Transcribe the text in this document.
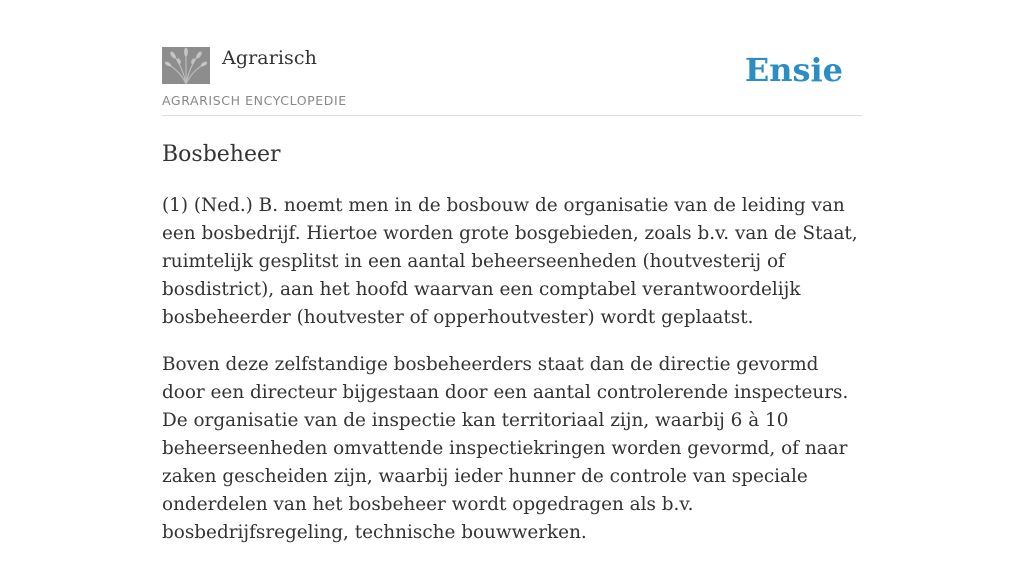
Agrarisch
AGRARISCH ENCYCLOPEDIE
Ensie
Bosbeheer

(1) (Ned.) B. noemt men in de bosbouw de organisatie van de leiding van een bosbedrijf. Hiertoe worden grote bosgebieden, zoals b.v. van de Staat, ruimtelijk gesplitst in een aantal beheerseenheden (houtvesterij of bosdistrict), aan het hoofd waarvan een comptabel verantwoordelijk bosbeheerder (houtvester of opperhoutvester) wordt geplaatst.

Boven deze zelfstandige bosbeheerders staat dan de directie gevormd door een directeur bijgestaan door een aantal controlerende inspecteurs. De organisatie van de inspectie kan territoriaal zijn, waarbij 6 à 10 beheerseenheden omvattende inspectiekringen worden gevormd, of naar zaken gescheiden zijn, waarbij ieder hunner de controle van speciale onderdelen van het bosbeheer wordt opgedragen als b.v. bosbedrijfsregeling, technische bouwwerken.
